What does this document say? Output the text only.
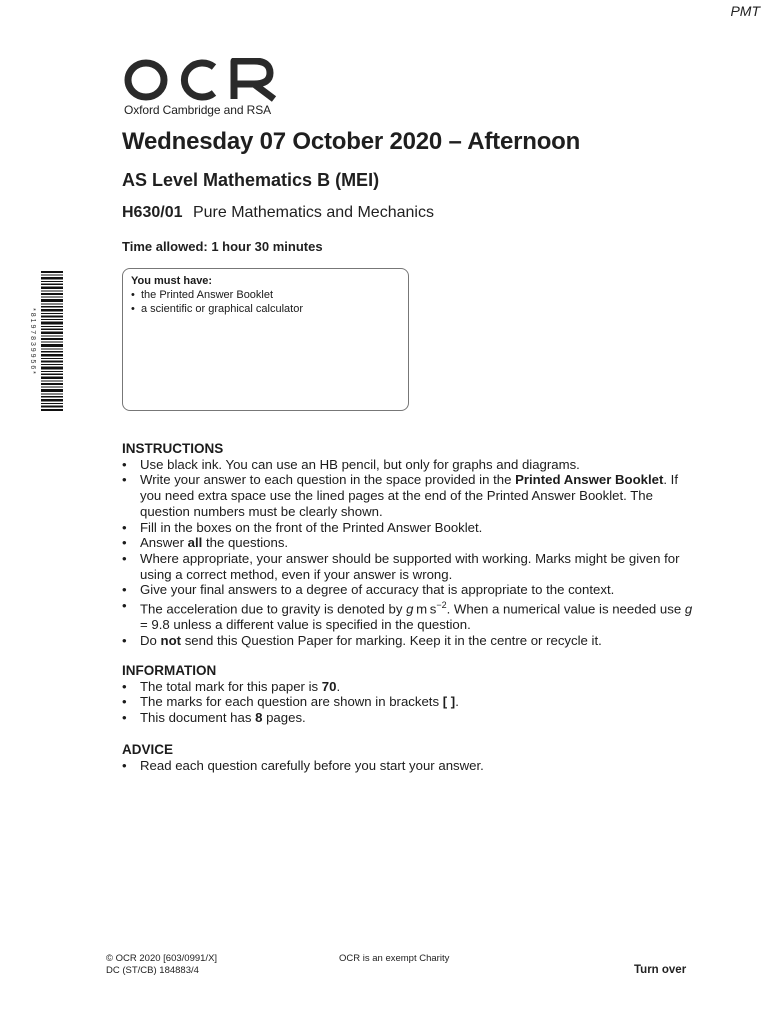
PMT
Oxford Cambridge and RSA
Wednesday 07 October 2020 – Afternoon
AS Level Mathematics B (MEI)
H630/01 Pure Mathematics and Mechanics
Time allowed: 1 hour 30 minutes
You must have:
•  the Printed Answer Booklet
•  a scientific or graphical calculator
* 8 1 9 7 8 3 9 9 5 6 *
INSTRUCTIONS
• Use black ink. You can use an HB pencil, but only for graphs and diagrams.
• Write your answer to each question in the space provided in the Printed Answer Booklet. If you need extra space use the lined pages at the end of the Printed Answer Booklet. The question numbers must be clearly shown.
• Fill in the boxes on the front of the Printed Answer Booklet.
• Answer all the questions.
• Where appropriate, your answer should be supported with working. Marks might be given for using a correct method, even if your answer is wrong.
• Give your final answers to a degree of accuracy that is appropriate to the context.
• The acceleration due to gravity is denoted by g m $s^{-2}$. When a numerical value is needed use g = 9.8 unless a different value is specified in the question.
• Do not send this Question Paper for marking. Keep it in the centre or recycle it.
INFORMATION
• The total mark for this paper is 70.
• The marks for each question are shown in brackets [ ].
• This document has 8 pages.
ADVICE
• Read each question carefully before you start your answer.
© OCR 2020 [603/0991/X]
DC (ST/CB) 184883/4
OCR is an exempt Charity
Turn over
